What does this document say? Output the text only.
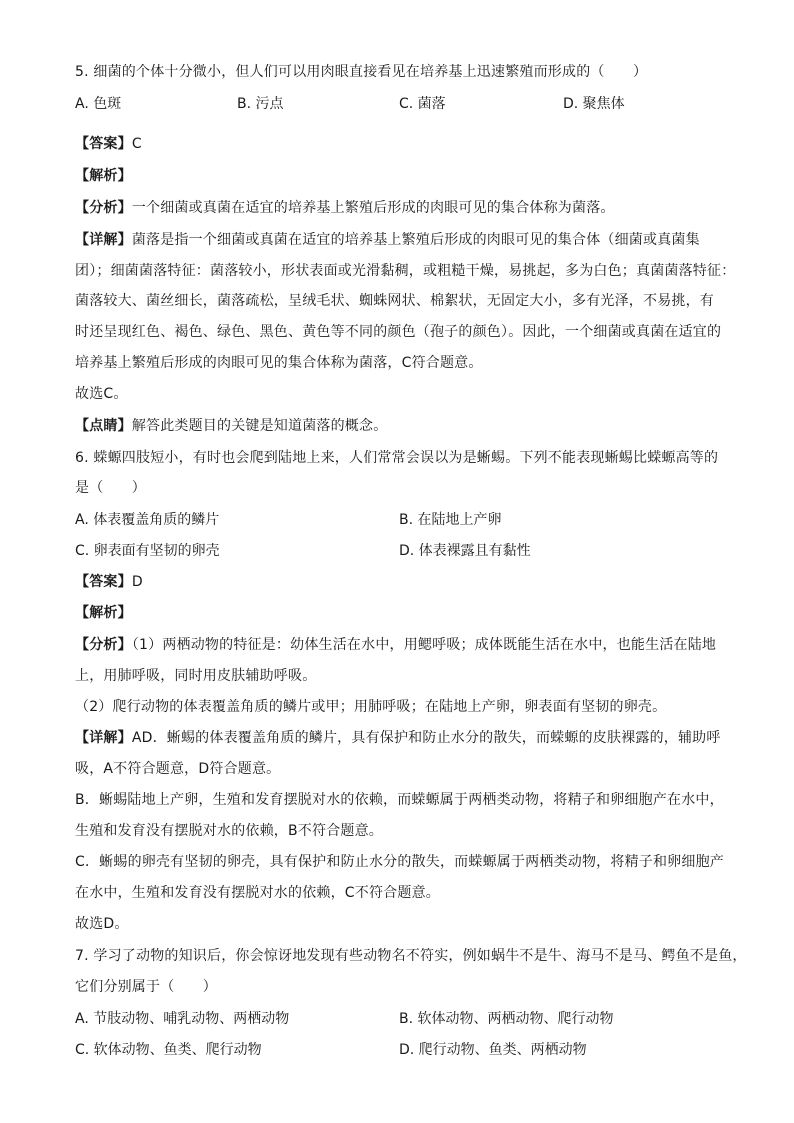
5. 细菌的个体十分微小，但人们可以用肉眼直接看见在培养基上迅速繁殖而形成的（　　）
A. 色斑	B. 污点	C. 菌落	D. 聚焦体
【答案】C
【解析】
【分析】一个细菌或真菌在适宜的培养基上繁殖后形成的肉眼可见的集合体称为菌落。
【详解】菌落是指一个细菌或真菌在适宜的培养基上繁殖后形成的肉眼可见的集合体（细菌或真菌集
团）；细菌菌落特征：菌落较小，形状表面或光滑黏稠，或粗糙干燥，易挑起，多为白色；真菌菌落特征：
菌落较大、菌丝细长，菌落疏松，呈绒毛状、蜘蛛网状、棉絮状，无固定大小，多有光泽，不易挑，有
时还呈现红色、褐色、绿色、黑色、黄色等不同的颜色（孢子的颜色）。因此，一个细菌或真菌在适宜的
培养基上繁殖后形成的肉眼可见的集合体称为菌落，C符合题意。
故选C。
【点睛】解答此类题目的关键是知道菌落的概念。
6. 蝾螈四肢短小，有时也会爬到陆地上来，人们常常会误以为是蜥蜴。下列不能表现蜥蜴比蝾螈高等的
是（　　）
A. 体表覆盖角质的鳞片	B. 在陆地上产卵
C. 卵表面有坚韧的卵壳	D. 体表裸露且有黏性
【答案】D
【解析】
【分析】（1）两栖动物的特征是：幼体生活在水中，用鳃呼吸；成体既能生活在水中，也能生活在陆地
上，用肺呼吸，同时用皮肤辅助呼吸。
（2）爬行动物的体表覆盖角质的鳞片或甲；用肺呼吸；在陆地上产卵，卵表面有坚韧的卵壳。
【详解】AD．蜥蜴的体表覆盖角质的鳞片，具有保护和防止水分的散失，而蝾螈的皮肤裸露的，辅助呼
吸，A不符合题意，D符合题意。
B．蜥蜴陆地上产卵，生殖和发育摆脱对水的依赖，而蝾螈属于两栖类动物，将精子和卵细胞产在水中，
生殖和发育没有摆脱对水的依赖，B不符合题意。
C．蜥蜴的卵壳有坚韧的卵壳，具有保护和防止水分的散失，而蝾螈属于两栖类动物，将精子和卵细胞产
在水中，生殖和发育没有摆脱对水的依赖，C不符合题意。
故选D。
7. 学习了动物的知识后，你会惊讶地发现有些动物名不符实，例如蜗牛不是牛、海马不是马、鳄鱼不是鱼，
它们分别属于（　　）
A. 节肢动物、哺乳动物、两栖动物	B. 软体动物、两栖动物、爬行动物
C. 软体动物、鱼类、爬行动物	D. 爬行动物、鱼类、两栖动物
